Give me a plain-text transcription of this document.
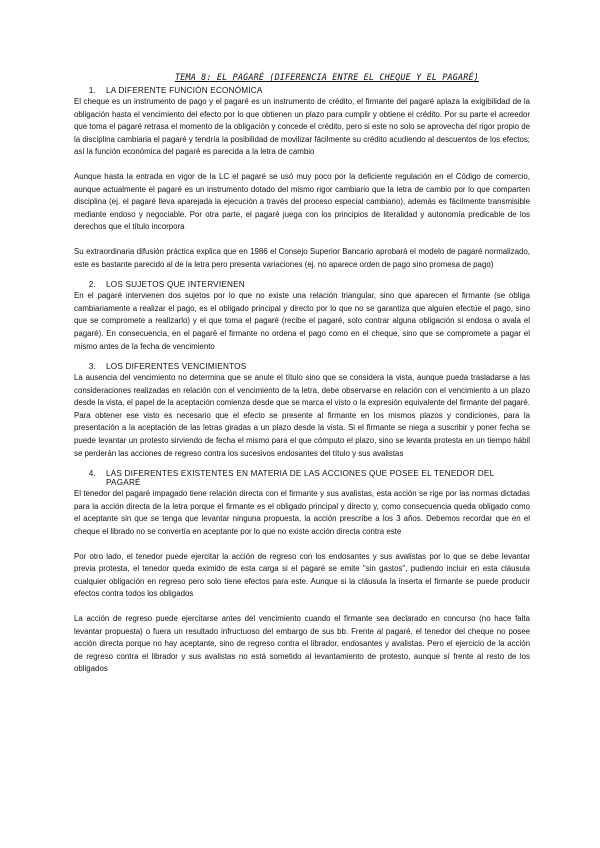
TEMA 8: EL PAGARÉ (DIFERENCIA ENTRE EL CHEQUE Y EL PAGARÉ)
1.	LA DIFERENTE FUNCIÓN ECONÓMICA

El cheque es un instrumento de pago y el pagaré es un instrumento de crédito, el firmante del pagaré aplaza la exigibilidad de la obligación hasta el vencimiento del efecto por lo que obtienen un plazo para cumplir y obtiene el crédito. Por su parte el acreedor que toma el pagaré retrasa el momento de la obligación y concede el crédito, pero si este no solo se aprovecha del rigor propio de la disciplina cambiaria el pagaré y tendría la posibilidad de movilizar fácilmente su crédito acudiendo al descuentos de los efectos; así la función económica del pagaré es parecida a la letra de cambio

Aunque hasta la entrada en vigor de la LC el pagaré se usó muy poco por la deficiente regulación en el Código de comercio, aunque actualmente el pagaré es un instrumento dotado del mismo rigor cambiario que la letra de cambio por lo que comparten disciplina (ej. el pagaré lleva aparejada la ejecución a través del proceso especial cambiario), además es fácilmente transmisible mediante endoso y negociable. Por otra parte, el pagaré juega con los principios de literalidad y autonomía predicable de los derechos que el título incorpora

Su extraordinaria difusión práctica explica que en 1986 el Consejo Superior Bancario aprobará el modelo de pagaré normalizado, este es bastante parecido al de la letra pero presenta variaciones (ej. no aparece orden de pago sino promesa de pago)

2.	LOS SUJETOS QUE INTERVIENEN

En el pagaré intervienen dos sujetos por lo que no existe una relación triangular, sino que aparecen el firmante (se obliga cambiariamente a realizar el pago, es el obligado principal y directo por lo que no se garantiza que alguien efectúe el pago, sino que se compromete a realizarlo) y el que toma el pagaré (recibe el pagaré, solo contrar alguna obligación si endosa o avala el pagaré). En consecuencia, en el pagaré el firmante no ordena el pago como en el cheque, sino que se compromete a pagar el mismo antes de la fecha de vencimiento

3.	LOS DIFERENTES VENCIMIENTOS

La ausencia del vencimiento no determina que se anule el título sino que se considera la vista, aunque pueda trasladarse a las consideraciones realizadas en relación con el vencimiento de la letra, debe observarse en relación con el vencimiento a un plazo desde la vista, el papel de la aceptación comienza desde que se marca el visto o la expresión equivalente del firmante del pagaré. Para obtener ese visto es necesario que el efecto se presente al firmante en los mismos plazos y condiciones, para la presentación a la aceptación de las letras giradas a un plazo desde la vista. Si el firmante se niega a suscribir y poner fecha se puede levantar un protesto sirviendo de fecha el mismo para el que cómputo el plazo, sino se levanta protesta en un tiempo hábil se perderán las acciones de regreso contra los sucesivos endosantes del título y sus avalistas

4.	LAS DIFERENTES EXISTENTES EN MATERIA DE LAS ACCIONES QUE POSEE EL TENEDOR DEL PAGARÉ

El tenedor del pagaré impagado tiene relación directa con el firmante y sus avalistas, esta acción se rige por las normas dictadas para la acción directa de la letra porque el firmante es el obligado principal y directo y, como consecuencia queda obligado como el aceptante sin que se tenga que levantar ninguna propuesta, la acción prescribe a los 3 años. Debemos recordar que en el cheque el librado no se convertía en aceptante por lo que no existe acción directa contra este

Por otro lado, el tenedor puede ejercitar la acción de regreso con los endosantes y sus avalistas por lo que se debe levantar previa protesta, el tenedor queda eximido de esta carga si el pagaré se emite "sin gastos", pudiendo incluir en esta cláusula cualquier obligación en regreso pero solo tiene efectos para este. Aunque si la cláusula la inserta el firmante se puede producir efectos contra todos los obligados

La acción de regreso puede ejercitarse antes del vencimiento cuando el firmante sea declarado en concurso (no hace falta levantar propuesta) o fuera un resultado infructuoso del embargo de sus bb. Frente al pagaré, el tenedor del cheque no posee acción directa porque no hay aceptante, sino de regreso contra el librador, endosantes y avalistas. Pero el ejercicio de la acción de regreso contra el librador y sus avalistas no está sometido al levantamiento de protesto, aunque sí frente al resto de los obligados
